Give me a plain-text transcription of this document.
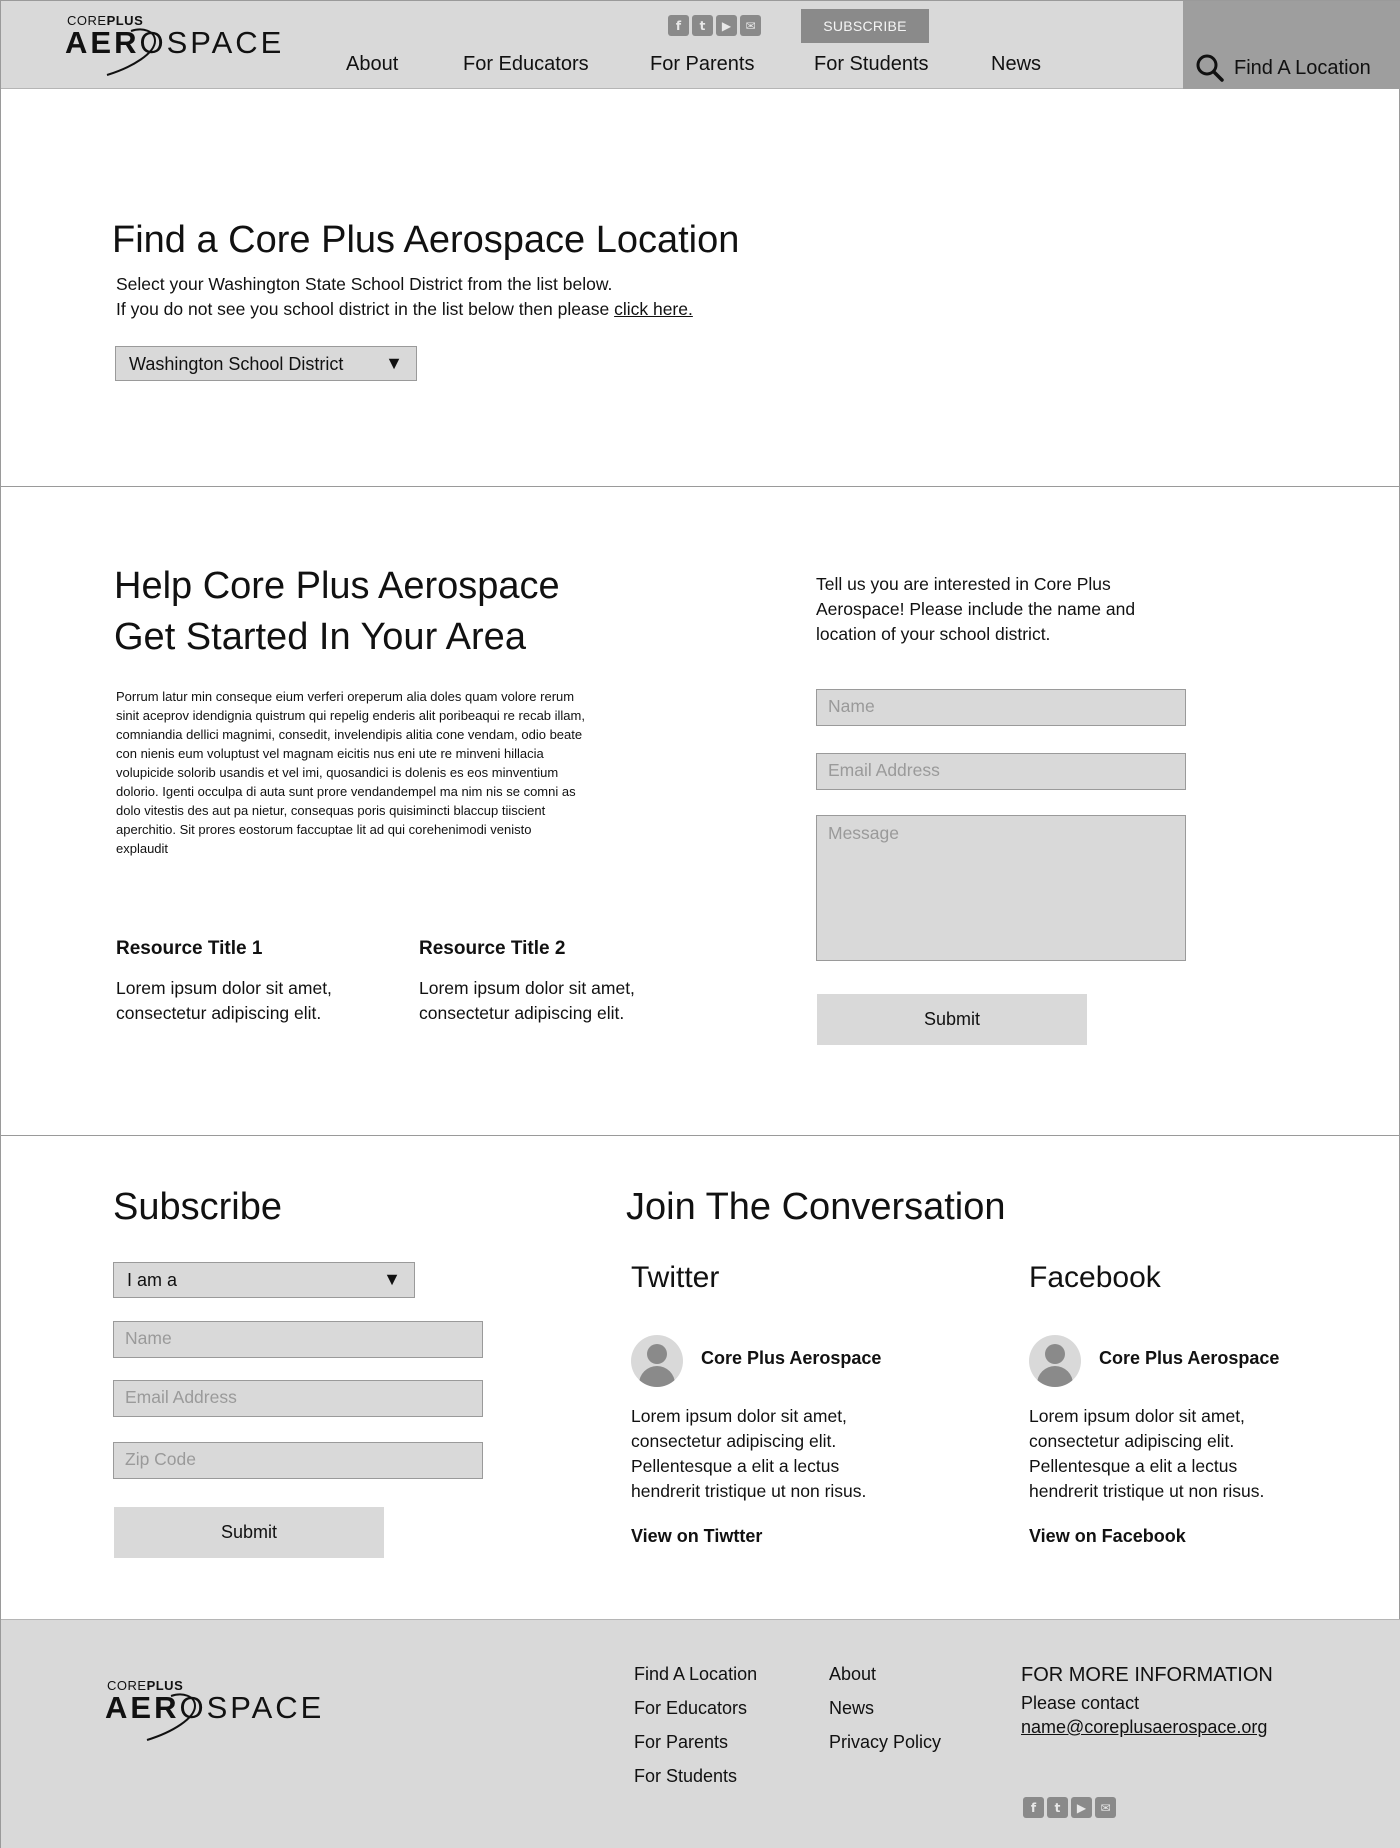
COREPLUS
AEROSPACE	f	t	▶	✉	SUBSCRIBE
About	For Educators	For Parents	For Students	News	Find A Location
Find a Core Plus Aerospace Location
Select your Washington State School District from the list below.
If you do not see you school district in the list below then please click here.
Washington School District ▼
Help Core Plus Aerospace
Get Started In Your Area

Porrum latur min conseque eium verferi oreperum alia doles quam volore rerum sinit aceprov idendignia quistrum qui repelig enderis alit poribeaqui re recab illam, comniandia dellici magnimi, consedit, invelendipis alitia cone vendam, odio beate con nienis eum voluptust vel magnam eicitis nus eni ute re minveni hillacia volupicide solorib usandis et vel imi, quosandici is dolenis es eos minventium dolorio. Igenti occulpa di auta sunt prore vendandempel ma nim nis se comni as dolo vitestis des aut pa nietur, consequas poris quisimincti blaccup tiiscient aperchitio. Sit prores eostorum faccuptae lit ad qui corehenimodi venisto explaudit

Resource Title 1
Lorem ipsum dolor sit amet, consectetur adipiscing elit.
Resource Title 2
Lorem ipsum dolor sit amet, consectetur adipiscing elit.

Tell us you are interested in Core Plus Aerospace! Please include the name and location of your school district.

Name
Email Address
Message
Submit
Subscribe
I am a	▼
Name
Email Address
Zip Code
Submit
Join The Conversation
Twitter
Core Plus Aerospace

Lorem ipsum dolor sit amet, consectetur adipiscing elit. Pellentesque a elit a lectus hendrerit tristique ut non risus.

View on Tiwtter
Facebook
Core Plus Aerospace

Lorem ipsum dolor sit amet, consectetur adipiscing elit. Pellentesque a elit a lectus hendrerit tristique ut non risus.

View on Facebook
COREPLUS
AEROSPACE
Find A Location
For Educators
For Parents
For Students
About
News
Privacy Policy
FOR MORE INFORMATION
Please contact
name@coreplusaerospace.org
f	t	▶	✉
